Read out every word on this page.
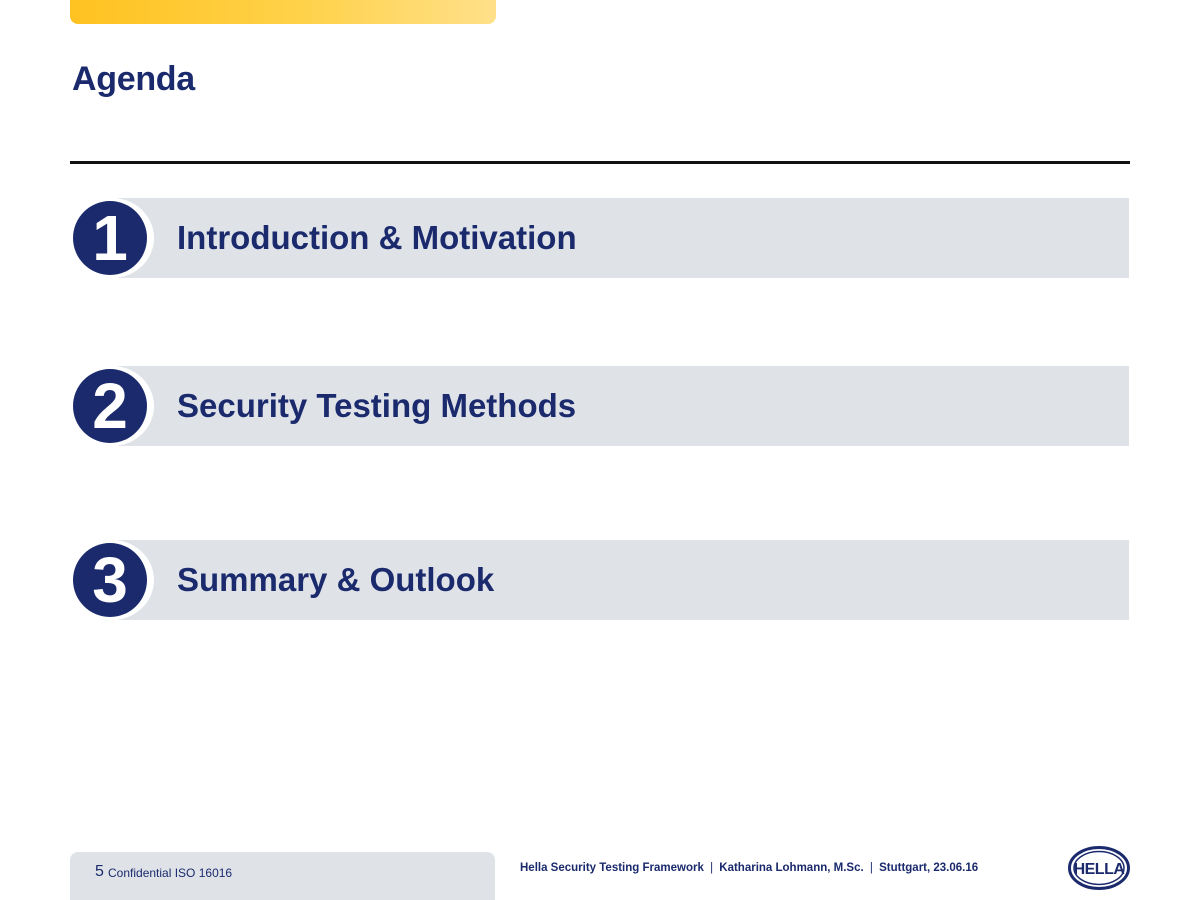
Agenda
1	Introduction & Motivation
2	Security Testing Methods
3	Summary & Outlook
5 Confidential ISO 16016	Hella Security Testing Framework | Katharina Lohmann, M.Sc. | Stuttgart, 23.06.16	HELLA
